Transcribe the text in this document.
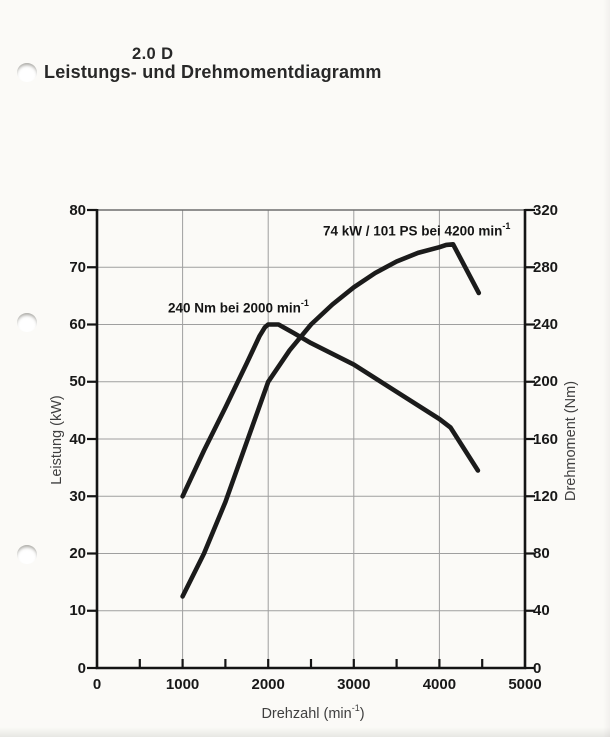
2.0 D
Leistungs- und Drehmomentdiagramm
0
10
20
30
40
50
60
70
80
0
40
80
120
160
200
240
280
320
0	1000	2000	3000	4000	5000
Leistung (kW)	Drehmoment (Nm)
Drehzahl $(\min^{-1})$
74 kW / 101 PS bei 4200 $\min^{-1}$
240 Nm bei 2000 $\min^{-1}$
